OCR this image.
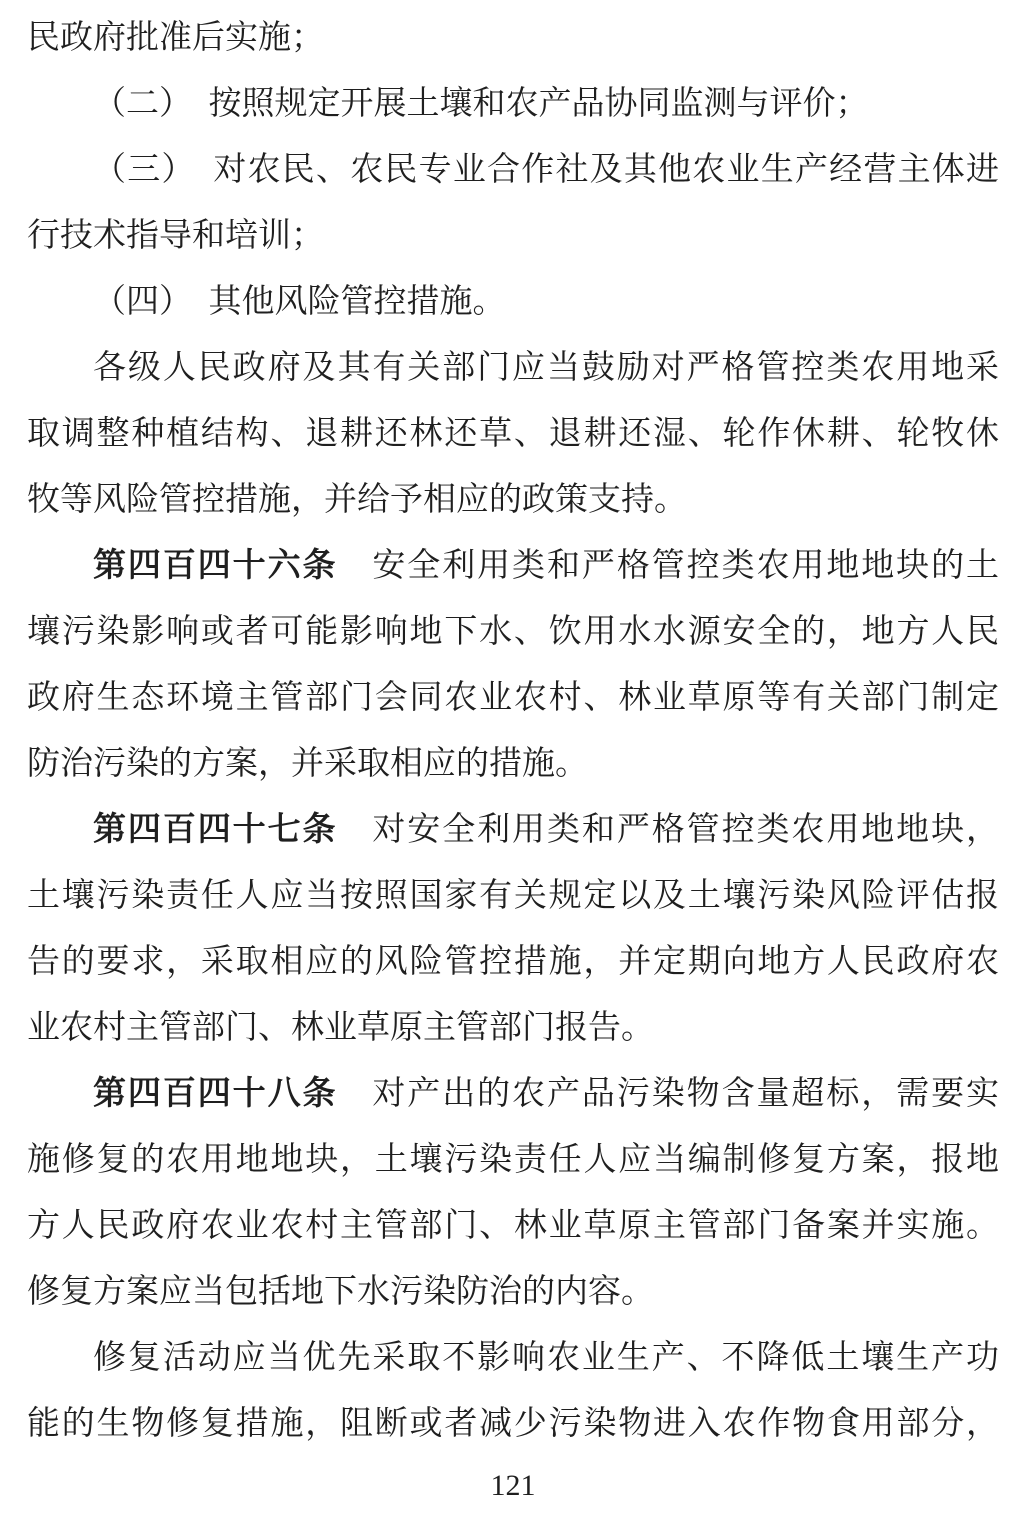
民政府批准后实施；
（二）　按照规定开展土壤和农产品协同监测与评价；
（三）　对农民、农民专业合作社及其他农业生产经营主体进
行技术指导和培训；
（四）　其他风险管控措施。
各级人民政府及其有关部门应当鼓励对严格管控类农用地采
取调整种植结构、退耕还林还草、退耕还湿、轮作休耕、轮牧休
牧等风险管控措施，并给予相应的政策支持。
第四百四十六条　安全利用类和严格管控类农用地地块的土
壤污染影响或者可能影响地下水、饮用水水源安全的，地方人民
政府生态环境主管部门会同农业农村、林业草原等有关部门制定
防治污染的方案，并采取相应的措施。
第四百四十七条　对安全利用类和严格管控类农用地地块，
土壤污染责任人应当按照国家有关规定以及土壤污染风险评估报
告的要求，采取相应的风险管控措施，并定期向地方人民政府农
业农村主管部门、林业草原主管部门报告。
第四百四十八条　对产出的农产品污染物含量超标，需要实
施修复的农用地地块，土壤污染责任人应当编制修复方案，报地
方人民政府农业农村主管部门、林业草原主管部门备案并实施。
修复方案应当包括地下水污染防治的内容。
修复活动应当优先采取不影响农业生产、不降低土壤生产功
能的生物修复措施，阻断或者减少污染物进入农作物食用部分，
121
